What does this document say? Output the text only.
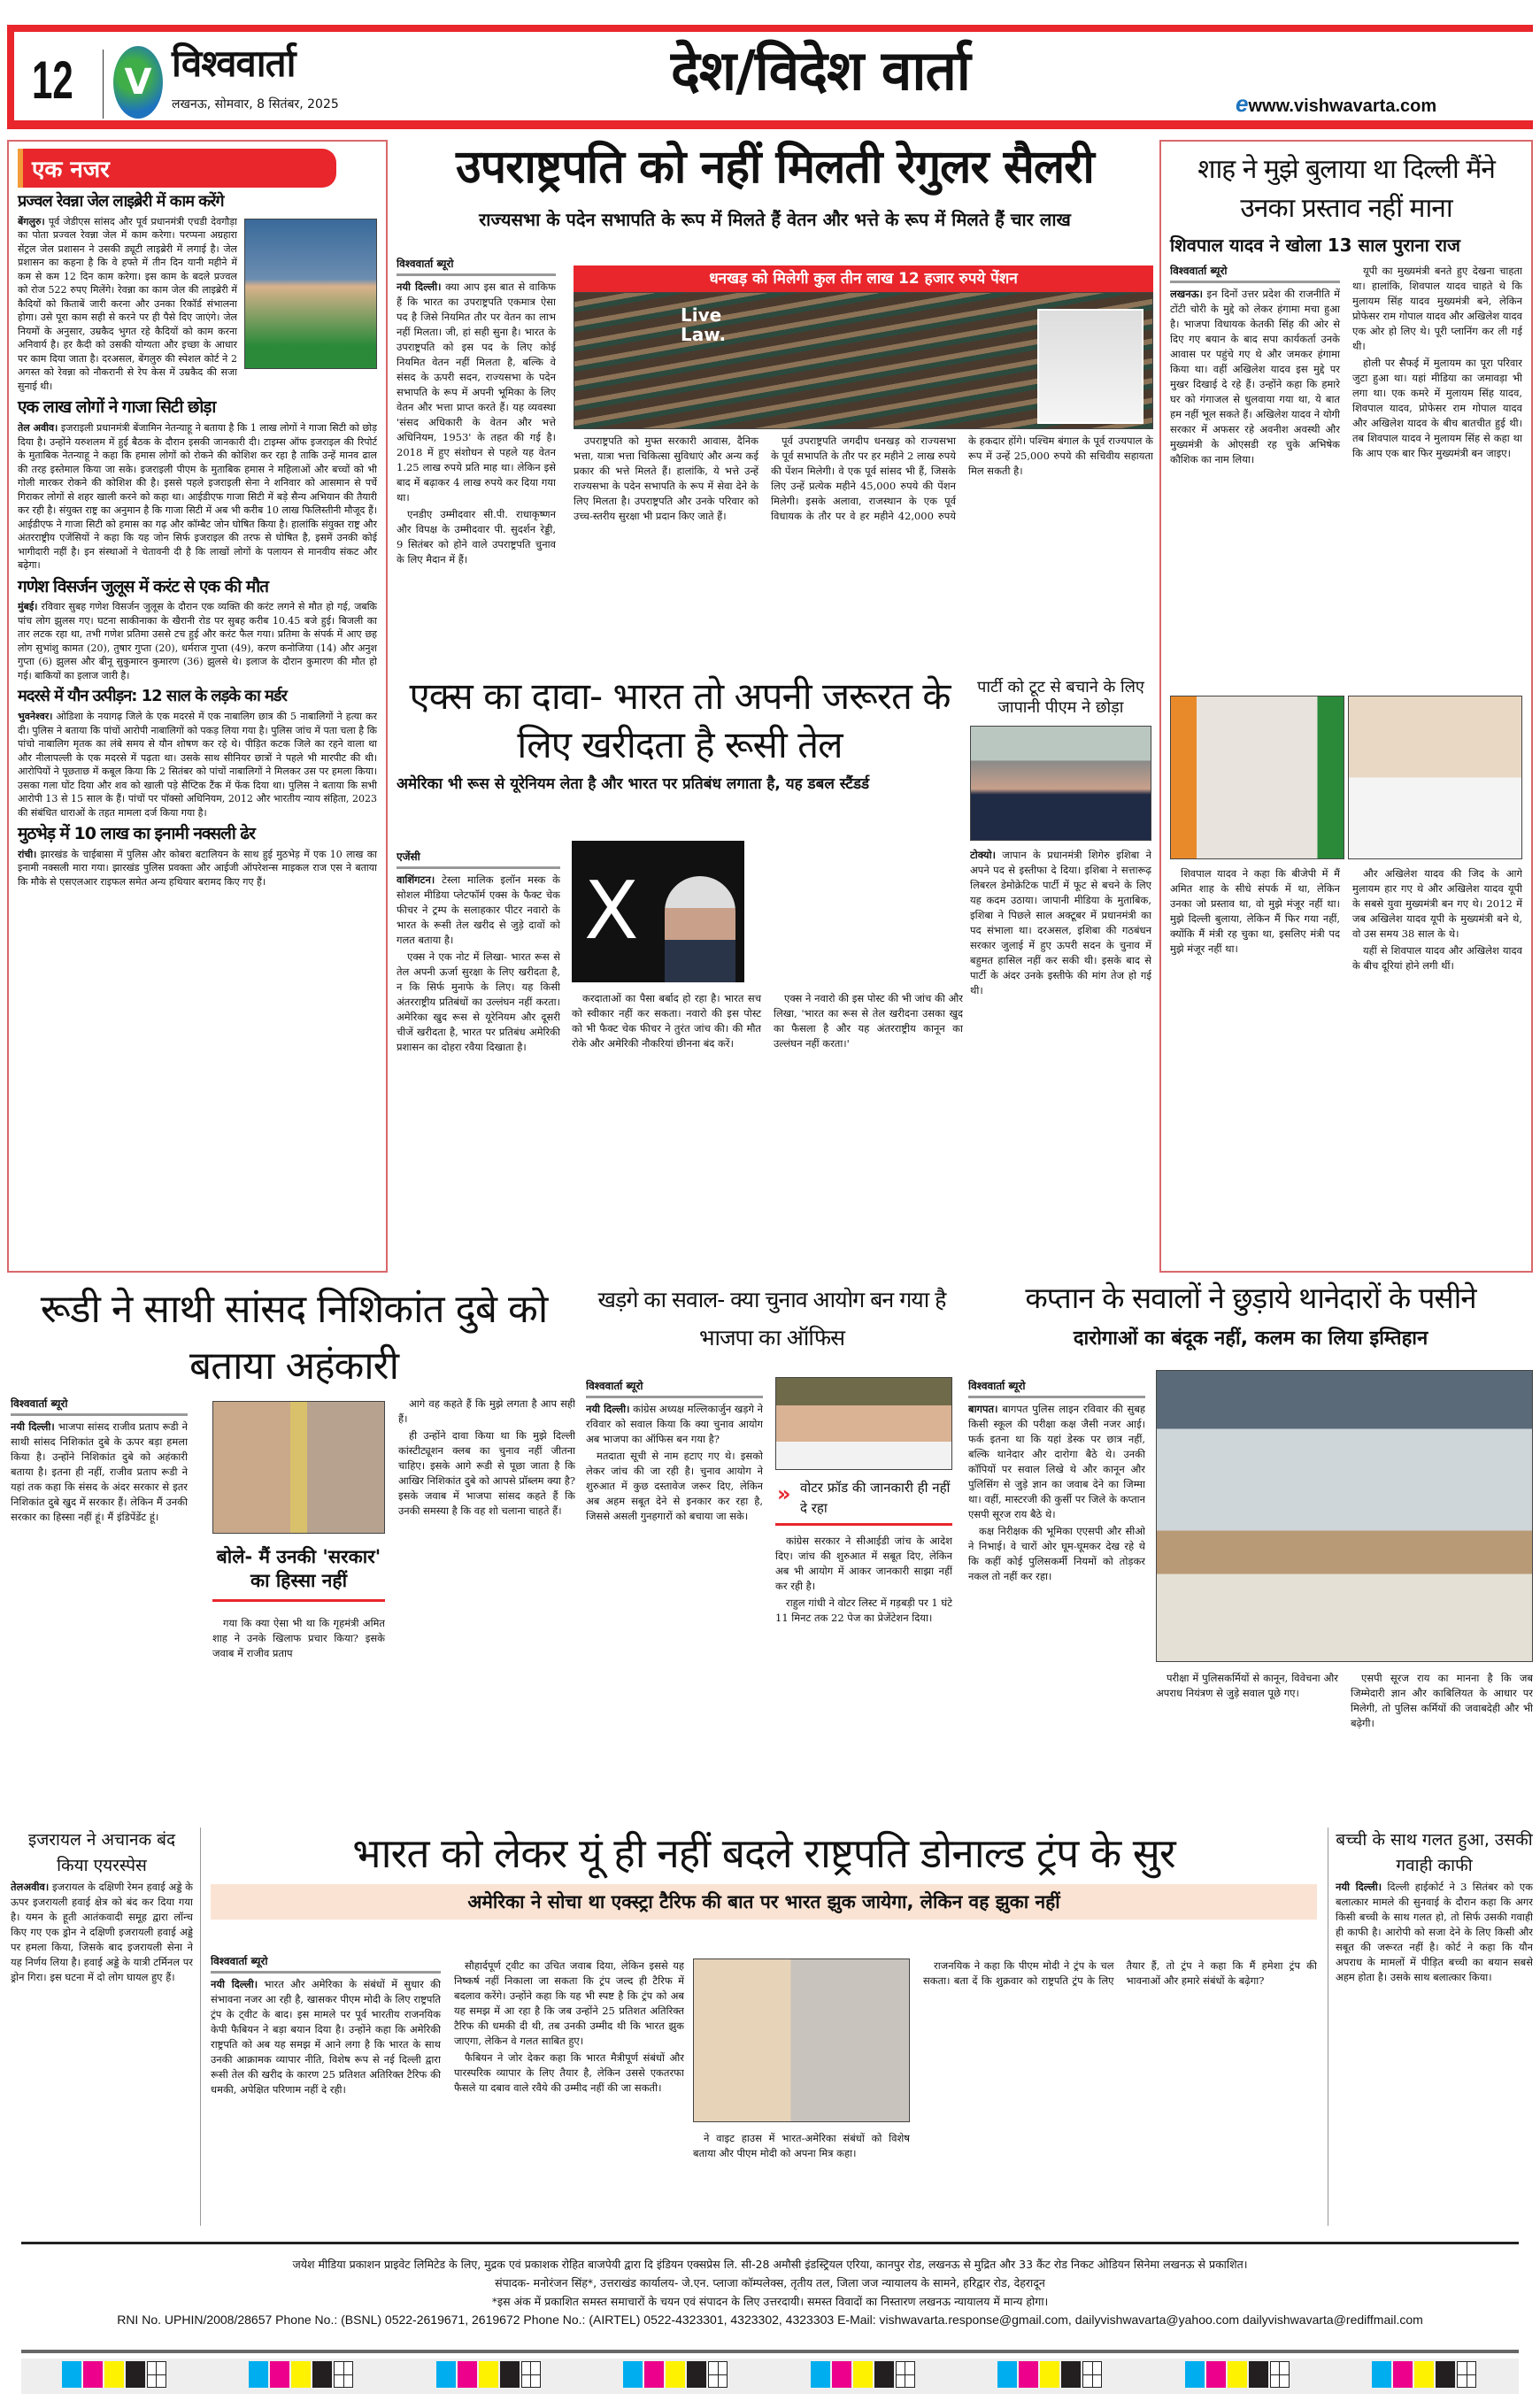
12	V विश्ववार्ता
लखनऊ, सोमवार, 8 सितंबर, 2025
देश/विदेश वार्ता
ewww.vishwavarta.com
एक नजर
प्रज्वल रेवन्ना जेल लाइब्रेरी में काम करेंगे
बेंगलुरु। पूर्व जेडीएस सांसद और पूर्व प्रधानमंत्री एचडी देवगौड़ा का पोता प्रज्वल रेवन्ना जेल में काम करेगा। परप्पना अग्रहारा सेंट्रल जेल प्रशासन ने उसकी ड्यूटी लाइब्रेरी में लगाई है। जेल प्रशासन का कहना है कि वे हफ्ते में तीन दिन यानी महीने में कम से कम 12 दिन काम करेगा। इस काम के बदले प्रज्वल को रोज 522 रुपए मिलेंगे। रेवन्ना का काम जेल की लाइब्रेरी में कैदियों को किताबें जारी करना और उनका रिकॉर्ड संभालना होगा। उसे पूरा काम सही से करने पर ही पैसे दिए जाएंगे। जेल नियमों के अनुसार, उम्रकैद भुगत रहे कैदियों को काम करना अनिवार्य है। हर कैदी को उसकी योग्यता और इच्छा के आधार पर काम दिया जाता है। दरअसल, बेंगलुरु की स्पेशल कोर्ट ने 2 अगस्त को रेवन्ना को नौकरानी से रेप केस में उम्रकैद की सजा सुनाई थी।
एक लाख लोगों ने गाजा सिटी छोड़ा
तेल अवीव। इजराइली प्रधानमंत्री बेंजामिन नेतन्याहू ने बताया है कि 1 लाख लोगों ने गाजा सिटी को छोड़ दिया है। उन्होंने यरुशलम में हुई बैठक के दौरान इसकी जानकारी दी। टाइम्स ऑफ इजराइल की रिपोर्ट के मुताबिक नेतन्याहू ने कहा कि हमास लोगों को रोकने की कोशिश कर रहा है ताकि उन्हें मानव ढाल की तरह इस्तेमाल किया जा सके। इजराइली पीएम के मुताबिक हमास ने महिलाओं और बच्चों को भी गोली मारकर रोकने की कोशिश की है। इससे पहले इजराइली सेना ने शनिवार को आसमान से पर्चे गिराकर लोगों से शहर खाली करने को कहा था। आईडीएफ गाजा सिटी में बड़े सैन्य अभियान की तैयारी कर रही है। संयुक्त राष्ट्र का अनुमान है कि गाजा सिटी में अब भी करीब 10 लाख फिलिस्तीनी मौजूद हैं। आईडीएफ ने गाजा सिटी को हमास का गढ़ और कॉम्बैट जोन घोषित किया है। हालांकि संयुक्त राष्ट्र और अंतरराष्ट्रीय एजेंसियों ने कहा कि यह जोन सिर्फ इजराइल की तरफ से घोषित है, इसमें उनकी कोई भागीदारी नहीं है। इन संस्थाओं ने चेतावनी दी है कि लाखों लोगों के पलायन से मानवीय संकट और बढ़ेगा।
गणेश विसर्जन जुलूस में करंट से एक की मौत
मुंबई। रविवार सुबह गणेश विसर्जन जुलूस के दौरान एक व्यक्ति की करंट लगने से मौत हो गई, जबकि पांच लोग झुलस गए। घटना साकीनाका के खैरानी रोड पर सुबह करीब 10.45 बजे हुई। बिजली का तार लटक रहा था, तभी गणेश प्रतिमा उससे टच हुई और करंट फैल गया। प्रतिमा के संपर्क में आए छह लोग सुभांशु कामत (20), तुषार गुप्ता (20), धर्मराज गुप्ता (49), करण कनोजिया (14) और अनुश गुप्ता (6) झुलस और बीनू सुकुमारन कुमारण (36) झुलसे थे। इलाज के दौरान कुमारण की मौत हो गई। बाकियों का इलाज जारी है।
मदरसे में यौन उत्पीड़न: 12 साल के लड़के का मर्डर
भुवनेश्वर। ओडिशा के नयागढ़ जिले के एक मदरसे में एक नाबालिग छात्र की 5 नाबालिगों ने हत्या कर दी। पुलिस ने बताया कि पांचों आरोपी नाबालिगों को पकड़ लिया गया है। पुलिस जांच में पता चला है कि पांचो नाबालिग मृतक का लंबे समय से यौन शोषण कर रहे थे। पीड़ित कटक जिले का रहने वाला था और नीलापल्ली के एक मदरसे में पढ़ता था। उसके साथ सीनियर छात्रों ने पहले भी मारपीट की थी। आरोपियों ने पूछताछ में कबूल किया कि 2 सितंबर को पांचों नाबालिगों ने मिलकर उस पर हमला किया। उसका गला घोंट दिया और शव को खाली पड़े सैप्टिक टैंक में फेंक दिया था। पुलिस ने बताया कि सभी आरोपी 13 से 15 साल के हैं। पांचों पर पॉक्सो अधिनियम, 2012 और भारतीय न्याय संहिता, 2023 की संबंधित धाराओं के तहत मामला दर्ज किया गया है।
मुठभेड़ में 10 लाख का इनामी नक्सली ढेर
रांची। झारखंड के चाईबासा में पुलिस और कोबरा बटालियन के साथ हुई मुठभेड़ में एक 10 लाख का इनामी नक्सली मारा गया। झारखंड पुलिस प्रवक्ता और आईजी ऑपरेशन्स माइकल राज एस ने बताया कि मौके से एसएलआर राइफल समेत अन्य हथियार बरामद किए गए हैं।
उपराष्ट्रपति को नहीं मिलती रेगुलर सैलरी
राज्यसभा के पदेन सभापति के रूप में मिलते हैं वेतन और भत्ते के रूप में मिलते हैं चार लाख
विश्ववार्ता ब्यूरो

नयी दिल्ली। क्या आप इस बात से वाकिफ हैं कि भारत का उपराष्ट्रपति एकमात्र ऐसा पद है जिसे नियमित तौर पर वेतन का लाभ नहीं मिलता। जी, हां सही सुना है। भारत के उपराष्ट्रपति को इस पद के लिए कोई नियमित वेतन नहीं मिलता है, बल्कि वे संसद के ऊपरी सदन, राज्यसभा के पदेन सभापति के रूप में अपनी भूमिका के लिए वेतन और भत्ता प्राप्त करते हैं। यह व्यवस्था 'संसद अधिकारी के वेतन और भत्ते अधिनियम, 1953' के तहत की गई है। 2018 में हुए संशोधन से पहले यह वेतन 1.25 लाख रुपये प्रति माह था। लेकिन इसे बाद में बढ़ाकर 4 लाख रुपये कर दिया गया था।

एनडीए उम्मीदवार सी.पी. राधाकृष्णन और विपक्ष के उम्मीदवार पी. सुदर्शन रेड्डी, 9 सितंबर को होने वाले उपराष्ट्रपति चुनाव के लिए मैदान में हैं।

धनखड़ को मिलेगी कुल तीन लाख 12 हजार रुपये पेंशन
Live Law.

उपराष्ट्रपति को मुफ्त सरकारी आवास, दैनिक भत्ता, यात्रा भत्ता चिकित्सा सुविधाएं और अन्य कई प्रकार की भत्ते मिलते हैं। हालांकि, ये भत्ते उन्हें राज्यसभा के पदेन सभापति के रूप में सेवा देने के लिए मिलता है। उपराष्ट्रपति और उनके परिवार को उच्च-स्तरीय सुरक्षा भी प्रदान किए जाते हैं।

पूर्व उपराष्ट्रपति जगदीप धनखड़ को राज्यसभा के पूर्व सभापति के तौर पर हर महीने 2 लाख रुपये की पेंशन मिलेगी। वे एक पूर्व सांसद भी हैं, जिसके लिए उन्हें प्रत्येक महीने 45,000 रुपये की पेंशन मिलेगी। इसके अलावा, राजस्थान के एक पूर्व विधायक के तौर पर वे हर महीने 42,000 रुपये के हकदार होंगे। पश्चिम बंगाल के पूर्व राज्यपाल के रूप में उन्हें 25,000 रुपये की सचिवीय सहायता मिल सकती है।

एक्स का दावा- भारत तो अपनी जरूरत के लिए खरीदता है रूसी तेल
अमेरिका भी रूस से यूरेनियम लेता है और भारत पर प्रतिबंध लगाता है, यह डबल स्टैंडर्ड
एजेंसी

वाशिंगटन। टेस्ला मालिक इलॉन मस्क के सोशल मीडिया प्लेटफॉर्म एक्स के फैक्ट चेक फीचर ने ट्रम्प के सलाहकार पीटर नवारो के भारत के रूसी तेल खरीद से जुड़े दावों को गलत बताया है।

एक्स ने एक नोट में लिखा- भारत रूस से तेल अपनी ऊर्जा सुरक्षा के लिए खरीदता है, न कि सिर्फ मुनाफे के लिए। यह किसी अंतरराष्ट्रीय प्रतिबंधों का उल्लंघन नहीं करता। अमेरिका खुद रूस से यूरेनियम और दूसरी चीजें खरीदता है, भारत पर प्रतिबंध अमेरिकी प्रशासन का दोहरा रवैया दिखाता है।

X

करदाताओं का पैसा बर्बाद हो रहा है। भारत सच को स्वीकार नहीं कर सकता। नवारो की इस पोस्ट को भी फैक्ट चेक फीचर ने तुरंत जांच की। की मौत रोके और अमेरिकी नौकरियां छीनना बंद करें।

एक्स ने नवारो की इस पोस्ट की भी जांच की और लिखा, 'भारत का रूस से तेल खरीदना उसका खुद का फैसला है और यह अंतरराष्ट्रीय कानून का उल्लंघन नहीं करता।'

पार्टी को टूट से बचाने के लिए जापानी पीएम ने छोड़ा
टोक्यो। जापान के प्रधानमंत्री शिगेरु इशिबा ने अपने पद से इस्तीफा दे दिया। इशिबा ने सत्तारूढ़ लिबरल डेमोक्रेटिक पार्टी में फूट से बचने के लिए यह कदम उठाया। जापानी मीडिया के मुताबिक, इशिबा ने पिछले साल अक्टूबर में प्रधानमंत्री का पद संभाला था। दरअसल, इशिबा की गठबंधन सरकार जुलाई में हुए ऊपरी सदन के चुनाव में बहुमत हासिल नहीं कर सकी थी। इसके बाद से पार्टी के अंदर उनके इस्तीफे की मांग तेज हो गई थी।
शाह ने मुझे बुलाया था दिल्ली मैंने उनका प्रस्ताव नहीं माना
शिवपाल यादव ने खोला 13 साल पुराना राज
विश्ववार्ता ब्यूरो

लखनऊ। इन दिनों उत्तर प्रदेश की राजनीति में टोंटी चोरी के मुद्दे को लेकर हंगामा मचा हुआ है। भाजपा विधायक केतकी सिंह की ओर से दिए गए बयान के बाद सपा कार्यकर्ता उनके आवास पर पहुंचे गए थे और जमकर हंगामा किया था। वहीं अखिलेश यादव इस मुद्दे पर मुखर दिखाई दे रहे हैं। उन्होंने कहा कि हमारे घर को गंगाजल से धुलवाया गया था, ये बात हम नहीं भूल सकते हैं। अखिलेश यादव ने योगी सरकार में अफसर रहे अवनीश अवस्थी और मुख्यमंत्री के ओएसडी रह चुके अभिषेक कौशिक का नाम लिया।

यूपी का मुख्यमंत्री बनते हुए देखना चाहता था। हालांकि, शिवपाल यादव चाहते थे कि मुलायम सिंह यादव मुख्यमंत्री बने, लेकिन प्रोफेसर राम गोपाल यादव और अखिलेश यादव एक ओर हो लिए थे। पूरी प्लानिंग कर ली गई थी।

होली पर सैफई में मुलायम का पूरा परिवार जुटा हुआ था। यहां मीडिया का जमावड़ा भी लगा था। एक कमरे में मुलायम सिंह यादव, शिवपाल यादव, प्रोफेसर राम गोपाल यादव और अखिलेश यादव के बीच बातचीत हुई थी। तब शिवपाल यादव ने मुलायम सिंह से कहा था कि आप एक बार फिर मुख्यमंत्री बन जाइए।

शिवपाल यादव ने कहा कि बीजेपी में मैं अमित शाह के सीधे संपर्क में था, लेकिन उनका जो प्रस्ताव था, वो मुझे मंजूर नहीं था। मुझे दिल्ली बुलाया, लेकिन मैं फिर गया नहीं, क्योंकि मैं मंत्री रह चुका था, इसलिए मंत्री पद मुझे मंजूर नहीं था।

और अखिलेश यादव की जिद के आगे मुलायम हार गए थे और अखिलेश यादव यूपी के सबसे युवा मुख्यमंत्री बन गए थे। 2012 में जब अखिलेश यादव यूपी के मुख्यमंत्री बने थे, वो उस समय 38 साल के थे।

यहीं से शिवपाल यादव और अखिलेश यादव के बीच दूरियां होने लगी थीं।

रूडी ने साथी सांसद निशिकांत दुबे को बताया अहंकारी
विश्ववार्ता ब्यूरो

नयी दिल्ली। भाजपा सांसद राजीव प्रताप रूडी ने साथी सांसद निशिकांत दुबे के ऊपर बड़ा हमला किया है। उन्होंने निशिकांत दुबे को अहंकारी बताया है। इतना ही नहीं, राजीव प्रताप रूडी ने यहां तक कहा कि संसद के अंदर सरकार से इतर निशिकांत दुबे खुद में सरकार हैं। लेकिन मैं उनकी सरकार का हिस्सा नहीं हूं। मैं इंडिपेंडेंट हूं।

बोले- मैं उनकी 'सरकार' का हिस्सा नहीं

गया कि क्या ऐसा भी था कि गृहमंत्री अमित शाह ने उनके खिलाफ प्रचार किया? इसके जवाब में राजीव प्रताप

आगे वह कहते हैं कि मुझे लगता है आप सही हैं।

ही उन्होंने दावा किया था कि मुझे दिल्ली कांस्टीट्यूशन क्लब का चुनाव नहीं जीतना चाहिए। इसके आगे रूडी से पूछा जाता है कि आखिर निशिकांत दुबे को आपसे प्रॉब्लम क्या है? इसके जवाब में भाजपा सांसद कहते हैं कि उनकी समस्या है कि वह शो चलाना चाहते हैं।

खड़गे का सवाल- क्या चुनाव आयोग बन गया है भाजपा का ऑफिस
विश्ववार्ता ब्यूरो

नयी दिल्ली। कांग्रेस अध्यक्ष मल्लिकार्जुन खड़गे ने रविवार को सवाल किया कि क्या चुनाव आयोग अब भाजपा का ऑफिस बन गया है?

मतदाता सूची से नाम हटाए गए थे। इसको लेकर जांच की जा रही है। चुनाव आयोग ने शुरुआत में कुछ दस्तावेज जरूर दिए, लेकिन अब अहम सबूत देने से इनकार कर रहा है, जिससे असली गुनहगारों को बचाया जा सके।

» वोटर फ्रॉड की जानकारी ही नहीं दे रहा

कांग्रेस सरकार ने सीआईडी जांच के आदेश दिए। जांच की शुरुआत में सबूत दिए, लेकिन अब भी आयोग में आकर जानकारी साझा नहीं कर रही है।

राहुल गांधी ने वोटर लिस्ट में गड़बड़ी पर 1 घंटे 11 मिनट तक 22 पेज का प्रेजेंटेशन दिया।

कप्तान के सवालों ने छुड़ाये थानेदारों के पसीने
दारोगाओं का बंदूक नहीं, कलम का लिया इम्तिहान
विश्ववार्ता ब्यूरो

बागपत। बागपत पुलिस लाइन रविवार की सुबह किसी स्कूल की परीक्षा कक्ष जैसी नजर आई। फर्क इतना था कि यहां डेस्क पर छात्र नहीं, बल्कि थानेदार और दारोगा बैठे थे। उनकी कॉपियों पर सवाल लिखे थे और कानून और पुलिसिंग से जुड़े ज्ञान का जवाब देने का जिम्मा था। वहीं, मास्टरजी की कुर्सी पर जिले के कप्तान एसपी सूरज राय बैठे थे।

कक्ष निरीक्षक की भूमिका एएसपी और सीओ ने निभाई। वे चारों ओर घूम-घूमकर देख रहे थे कि कहीं कोई पुलिसकर्मी नियमों को तोड़कर नकल तो नहीं कर रहा।

परीक्षा में पुलिसकर्मियों से कानून, विवेचना और अपराध नियंत्रण से जुड़े सवाल पूछे गए।

एसपी सूरज राय का मानना है कि जब जिम्मेदारी ज्ञान और काबिलियत के आधार पर मिलेगी, तो पुलिस कर्मियों की जवाबदेही और भी बढ़ेगी।

इजरायल ने अचानक बंद किया एयरस्पेस
तेलअवीव। इजरायल के दक्षिणी रेमन हवाई अड्डे के ऊपर इजरायली हवाई क्षेत्र को बंद कर दिया गया है। यमन के हूती आतंकवादी समूह द्वारा लॉन्च किए गए एक ड्रोन ने दक्षिणी इजरायली हवाई अड्डे पर हमला किया, जिसके बाद इजरायली सेना ने यह निर्णय लिया है। हवाई अड्डे के यात्री टर्मिनल पर ड्रोन गिरा। इस घटना में दो लोग घायल हुए हैं।
भारत को लेकर यूं ही नहीं बदले राष्ट्रपति डोनाल्ड ट्रंप के सुर
अमेरिका ने सोचा था एक्स्ट्रा टैरिफ की बात पर भारत झुक जायेगा, लेकिन वह झुका नहीं
विश्ववार्ता ब्यूरो

नयी दिल्ली। भारत और अमेरिका के संबंधों में सुधार की संभावना नजर आ रही है, खासकर पीएम मोदी के लिए राष्ट्रपति ट्रंप के ट्वीट के बाद। इस मामले पर पूर्व भारतीय राजनयिक केपी फैबियन ने बड़ा बयान दिया है। उन्होंने कहा कि अमेरिकी राष्ट्रपति को अब यह समझ में आने लगा है कि भारत के साथ उनकी आक्रामक व्यापार नीति, विशेष रूप से नई दिल्ली द्वारा रूसी तेल की खरीद के कारण 25 प्रतिशत अतिरिक्त टैरिफ की धमकी, अपेक्षित परिणाम नहीं दे रही।

सौहार्दपूर्ण ट्वीट का उचित जवाब दिया, लेकिन इससे यह निष्कर्ष नहीं निकाला जा सकता कि ट्रंप जल्द ही टैरिफ में बदलाव करेंगे। उन्होंने कहा कि यह भी स्पष्ट है कि ट्रंप को अब यह समझ में आ रहा है कि जब उन्होंने 25 प्रतिशत अतिरिक्त टैरिफ की धमकी दी थी, तब उनकी उम्मीद थी कि भारत झुक जाएगा, लेकिन वे गलत साबित हुए।

फैबियन ने जोर देकर कहा कि भारत मैत्रीपूर्ण संबंधों और पारस्परिक व्यापार के लिए तैयार है, लेकिन उससे एकतरफा फैसले या दबाव वाले रवैये की उम्मीद नहीं की जा सकती।

ने वाइट हाउस में भारत-अमेरिका संबंधों को विशेष बताया और पीएम मोदी को अपना मित्र कहा।

राजनयिक ने कहा कि पीएम मोदी ने ट्रंप के चल सकता। बता दें कि शुक्रवार को राष्ट्रपति ट्रंप के लिए तैयार हैं, तो ट्रंप ने कहा कि मैं हमेशा ट्रंप की भावनाओं और हमारे संबंधों के बढ़ेगा?

बच्ची के साथ गलत हुआ, उसकी गवाही काफी
नयी दिल्ली। दिल्ली हाईकोर्ट ने 3 सितंबर को एक बलात्कार मामले की सुनवाई के दौरान कहा कि अगर किसी बच्ची के साथ गलत हो, तो सिर्फ उसकी गवाही ही काफी है। आरोपी को सजा देने के लिए किसी और सबूत की जरूरत नहीं है। कोर्ट ने कहा कि यौन अपराध के मामलों में पीड़ित बच्ची का बयान सबसे अहम होता है। उसके साथ बलात्कार किया।
जयेश मीडिया प्रकाशन प्राइवेट लिमिटेड के लिए, मुद्रक एवं प्रकाशक रोहित बाजपेयी द्वारा दि इंडियन एक्सप्रेस लि. सी-28 अमौसी इंडस्ट्रियल एरिया, कानपुर रोड, लखनऊ से मुद्रित और 33 कैंट रोड निकट ओडियन सिनेमा लखनऊ से प्रकाशित।
संपादक- मनोरंजन सिंह*, उत्तराखंड कार्यालय- जे.एन. प्लाजा कॉम्पलेक्स, तृतीय तल, जिला जज न्यायालय के सामने, हरिद्वार रोड, देहरादून
*इस अंक में प्रकाशित समस्त समाचारों के चयन एवं संपादन के लिए उत्तरदायी। समस्त विवादों का निस्तारण लखनऊ न्यायालय में मान्य होगा।
RNI No. UPHIN/2008/28657 Phone No.: (BSNL) 0522-2619671, 2619672 Phone No.: (AIRTEL) 0522-4323301, 4323302, 4323303 E-Mail: vishwavarta.response@gmail.com, dailyvishwavarta@yahoo.com dailyvishwavarta@rediffmail.com
